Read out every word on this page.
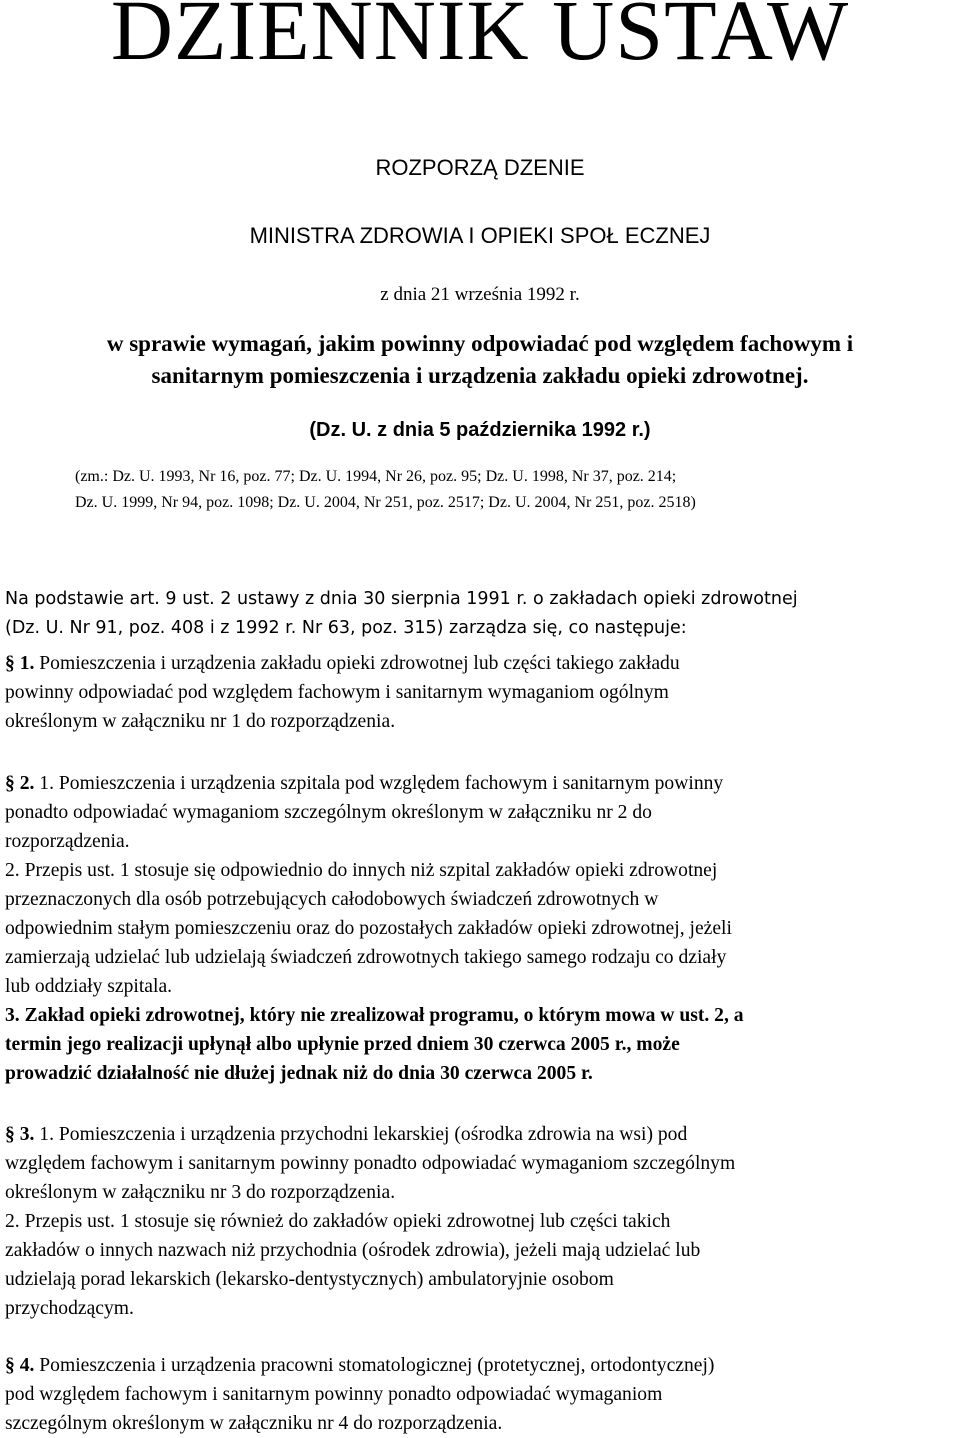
DZIENNIK USTAW
ROZPORZĄ DZENIE
MINISTRA ZDROWIA I OPIEKI SPOŁ ECZNEJ
z dnia 21 września 1992 r.
w sprawie wymagań, jakim powinny odpowiadać pod względem fachowym i
sanitarnym pomieszczenia i urządzenia zakładu opieki zdrowotnej.
(Dz. U. z dnia 5 października 1992 r.)
(zm.: Dz. U. 1993, Nr 16, poz. 77; Dz. U. 1994, Nr 26, poz. 95; Dz. U. 1998, Nr 37, poz. 214;
Dz. U. 1999, Nr 94, poz. 1098; Dz. U. 2004, Nr 251, poz. 2517; Dz. U. 2004, Nr 251, poz. 2518)
Na podstawie art. 9 ust. 2 ustawy z dnia 30 sierpnia 1991 r. o zakładach opieki zdrowotnej
(Dz. U. Nr 91, poz. 408 i z 1992 r. Nr 63, poz. 315) zarządza się, co następuje:
§ 1. Pomieszczenia i urządzenia zakładu opieki zdrowotnej lub części takiego zakładu
powinny odpowiadać pod względem fachowym i sanitarnym wymaganiom ogólnym
określonym w załączniku nr 1 do rozporządzenia.
§ 2. 1. Pomieszczenia i urządzenia szpitala pod względem fachowym i sanitarnym powinny
ponadto odpowiadać wymaganiom szczególnym określonym w załączniku nr 2 do
rozporządzenia.
2. Przepis ust. 1 stosuje się odpowiednio do innych niż szpital zakładów opieki zdrowotnej
przeznaczonych dla osób potrzebujących całodobowych świadczeń zdrowotnych w
odpowiednim stałym pomieszczeniu oraz do pozostałych zakładów opieki zdrowotnej, jeżeli
zamierzają udzielać lub udzielają świadczeń zdrowotnych takiego samego rodzaju co działy
lub oddziały szpitala.
3. Zakład opieki zdrowotnej, który nie zrealizował programu, o którym mowa w ust. 2, a
termin jego realizacji upłynął albo upłynie przed dniem 30 czerwca 2005 r., może
prowadzić działalność nie dłużej jednak niż do dnia 30 czerwca 2005 r.
§ 3. 1. Pomieszczenia i urządzenia przychodni lekarskiej (ośrodka zdrowia na wsi) pod
względem fachowym i sanitarnym powinny ponadto odpowiadać wymaganiom szczególnym
określonym w załączniku nr 3 do rozporządzenia.
2. Przepis ust. 1 stosuje się również do zakładów opieki zdrowotnej lub części takich
zakładów o innych nazwach niż przychodnia (ośrodek zdrowia), jeżeli mają udzielać lub
udzielają porad lekarskich (lekarsko-dentystycznych) ambulatoryjnie osobom
przychodzącym.
§ 4. Pomieszczenia i urządzenia pracowni stomatologicznej (protetycznej, ortodontycznej)
pod względem fachowym i sanitarnym powinny ponadto odpowiadać wymaganiom
szczególnym określonym w załączniku nr 4 do rozporządzenia.
